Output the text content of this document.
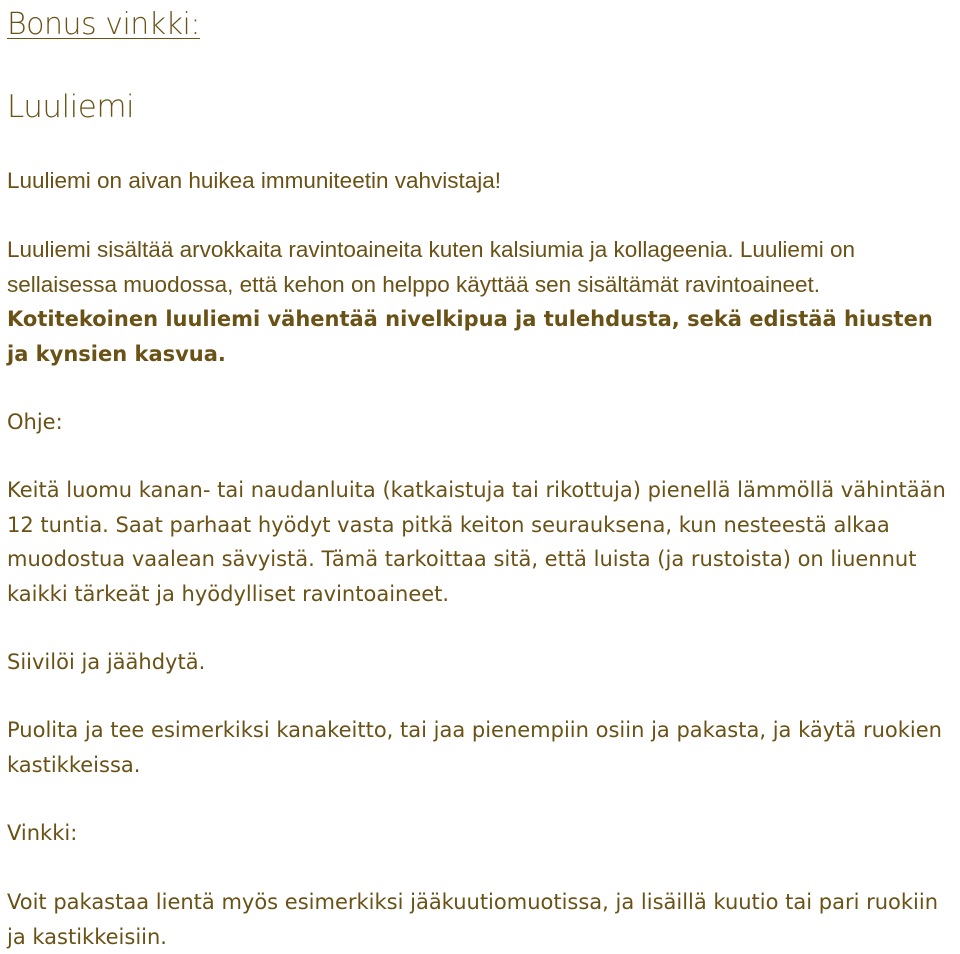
Bonus vinkki:
Luuliemi

Luuliemi on aivan huikea immuniteetin vahvistaja!

Luuliemi sisältää arvokkaita ravintoaineita kuten kalsiumia ja kollageenia. Luuliemi on sellaisessa muodossa, että kehon on helppo käyttää sen sisältämät ravintoaineet. Kotitekoinen luuliemi vähentää nivelkipua ja tulehdusta, sekä edistää hiusten ja kynsien kasvua.

Ohje:

Keitä luomu kanan- tai naudanluita (katkaistuja tai rikottuja) pienellä lämmöllä vähintään 12 tuntia. Saat parhaat hyödyt vasta pitkä keiton seurauksena, kun nesteestä alkaa muodostua vaalean sävyistä. Tämä tarkoittaa sitä, että luista (ja rustoista) on liuennut kaikki tärkeät ja hyödylliset ravintoaineet.

Siivilöi ja jäähdytä.

Puolita ja tee esimerkiksi kanakeitto, tai jaa pienempiin osiin ja pakasta, ja käytä ruokien kastikkeissa.

Vinkki:

Voit pakastaa lientä myös esimerkiksi jääkuutiomuotissa, ja lisäillä kuutio tai pari ruokiin ja kastikkeisiin.
